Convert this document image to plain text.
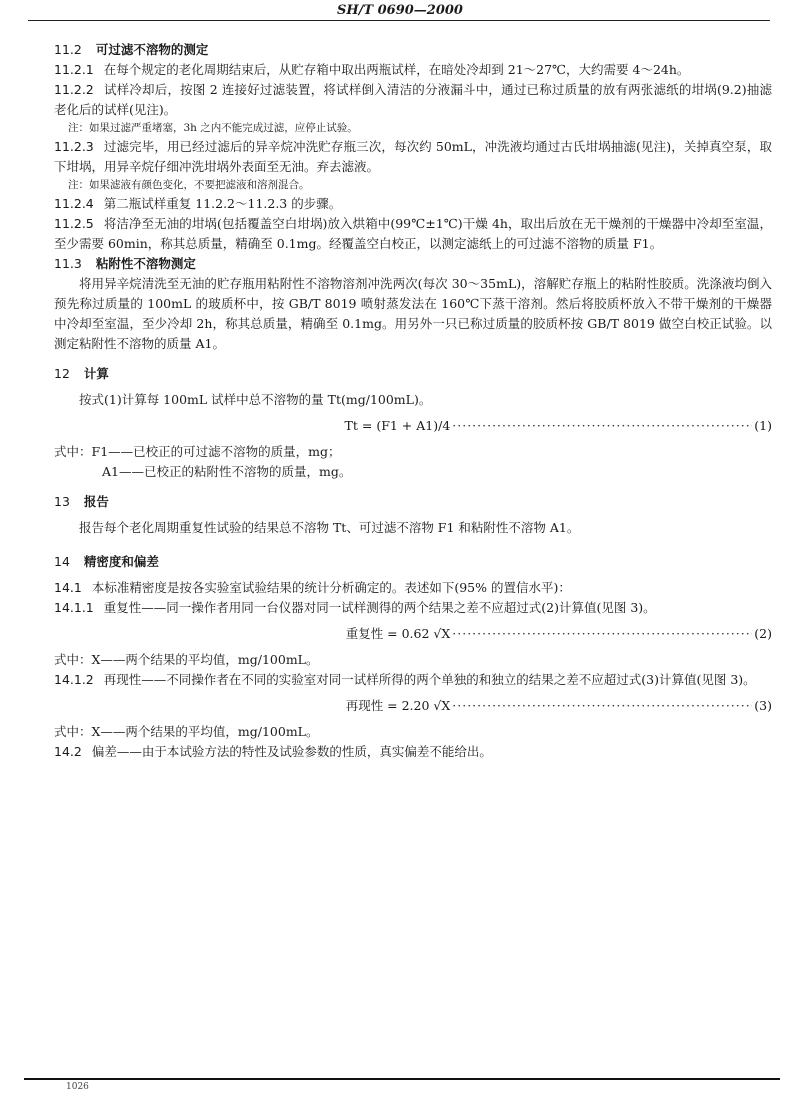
SH/T 0690—2000
11.2 可过滤不溶物的测定
11.2.1 在每个规定的老化周期结束后，从贮存箱中取出两瓶试样，在暗处冷却到 21～27℃，大约需要 4～24h。
11.2.2 试样冷却后，按图 2 连接好过滤装置，将试样倒入清洁的分液漏斗中，通过已称过质量的放有两张滤纸的坩埚(9.2)抽滤老化后的试样(见注)。
注：如果过滤严重堵塞，3h 之内不能完成过滤，应停止试验。
11.2.3 过滤完毕，用已经过滤后的异辛烷冲洗贮存瓶三次，每次约 50mL，冲洗液均通过古氏坩埚抽滤(见注)，关掉真空泵，取下坩埚，用异辛烷仔细冲洗坩埚外表面至无油。弃去滤液。
注：如果滤液有颜色变化，不要把滤液和溶剂混合。
11.2.4 第二瓶试样重复 11.2.2～11.2.3 的步骤。
11.2.5 将洁净至无油的坩埚(包括覆盖空白坩埚)放入烘箱中(99℃±1℃)干燥 4h，取出后放在无干燥剂的干燥器中冷却至室温，至少需要 60min，称其总质量，精确至 0.1mg。经覆盖空白校正，以测定滤纸上的可过滤不溶物的质量 F1。
11.3 粘附性不溶物测定
将用异辛烷清洗至无油的贮存瓶用粘附性不溶物溶剂冲洗两次(每次 30～35mL)，溶解贮存瓶上的粘附性胶质。洗涤液均倒入预先称过质量的 100mL 的玻质杯中，按 GB/T 8019 喷射蒸发法在 160℃下蒸干溶剂。然后将胶质杯放入不带干燥剂的干燥器中冷却至室温，至少冷却 2h，称其总质量，精确至 0.1mg。用另外一只已称过质量的胶质杯按 GB/T 8019 做空白校正试验。以测定粘附性不溶物的质量 A1。
12 计算
按式(1)计算每 100mL 试样中总不溶物的量 Tt(mg/100mL)。
Tt = (F1 + A1)/4 ·····	(1)
式中：F1——已校正的可过滤不溶物的质量，mg；
A1——已校正的粘附性不溶物的质量，mg。
13 报告
报告每个老化周期重复性试验的结果总不溶物 Tt、可过滤不溶物 F1 和粘附性不溶物 A1。
14 精密度和偏差
14.1 本标准精密度是按各实验室试验结果的统计分析确定的。表述如下(95% 的置信水平)：
14.1.1 重复性——同一操作者用同一台仪器对同一试样测得的两个结果之差不应超过式(2)计算值(见图 3)。
重复性 = 0.62 √X ·····	(2)
式中：X——两个结果的平均值，mg/100mL。
14.1.2 再现性——不同操作者在不同的实验室对同一试样所得的两个单独的和独立的结果之差不应超过式(3)计算值(见图 3)。
再现性 = 2.20 √X ·····	(3)
式中：X——两个结果的平均值，mg/100mL。
14.2 偏差——由于本试验方法的特性及试验参数的性质，真实偏差不能给出。
1026
